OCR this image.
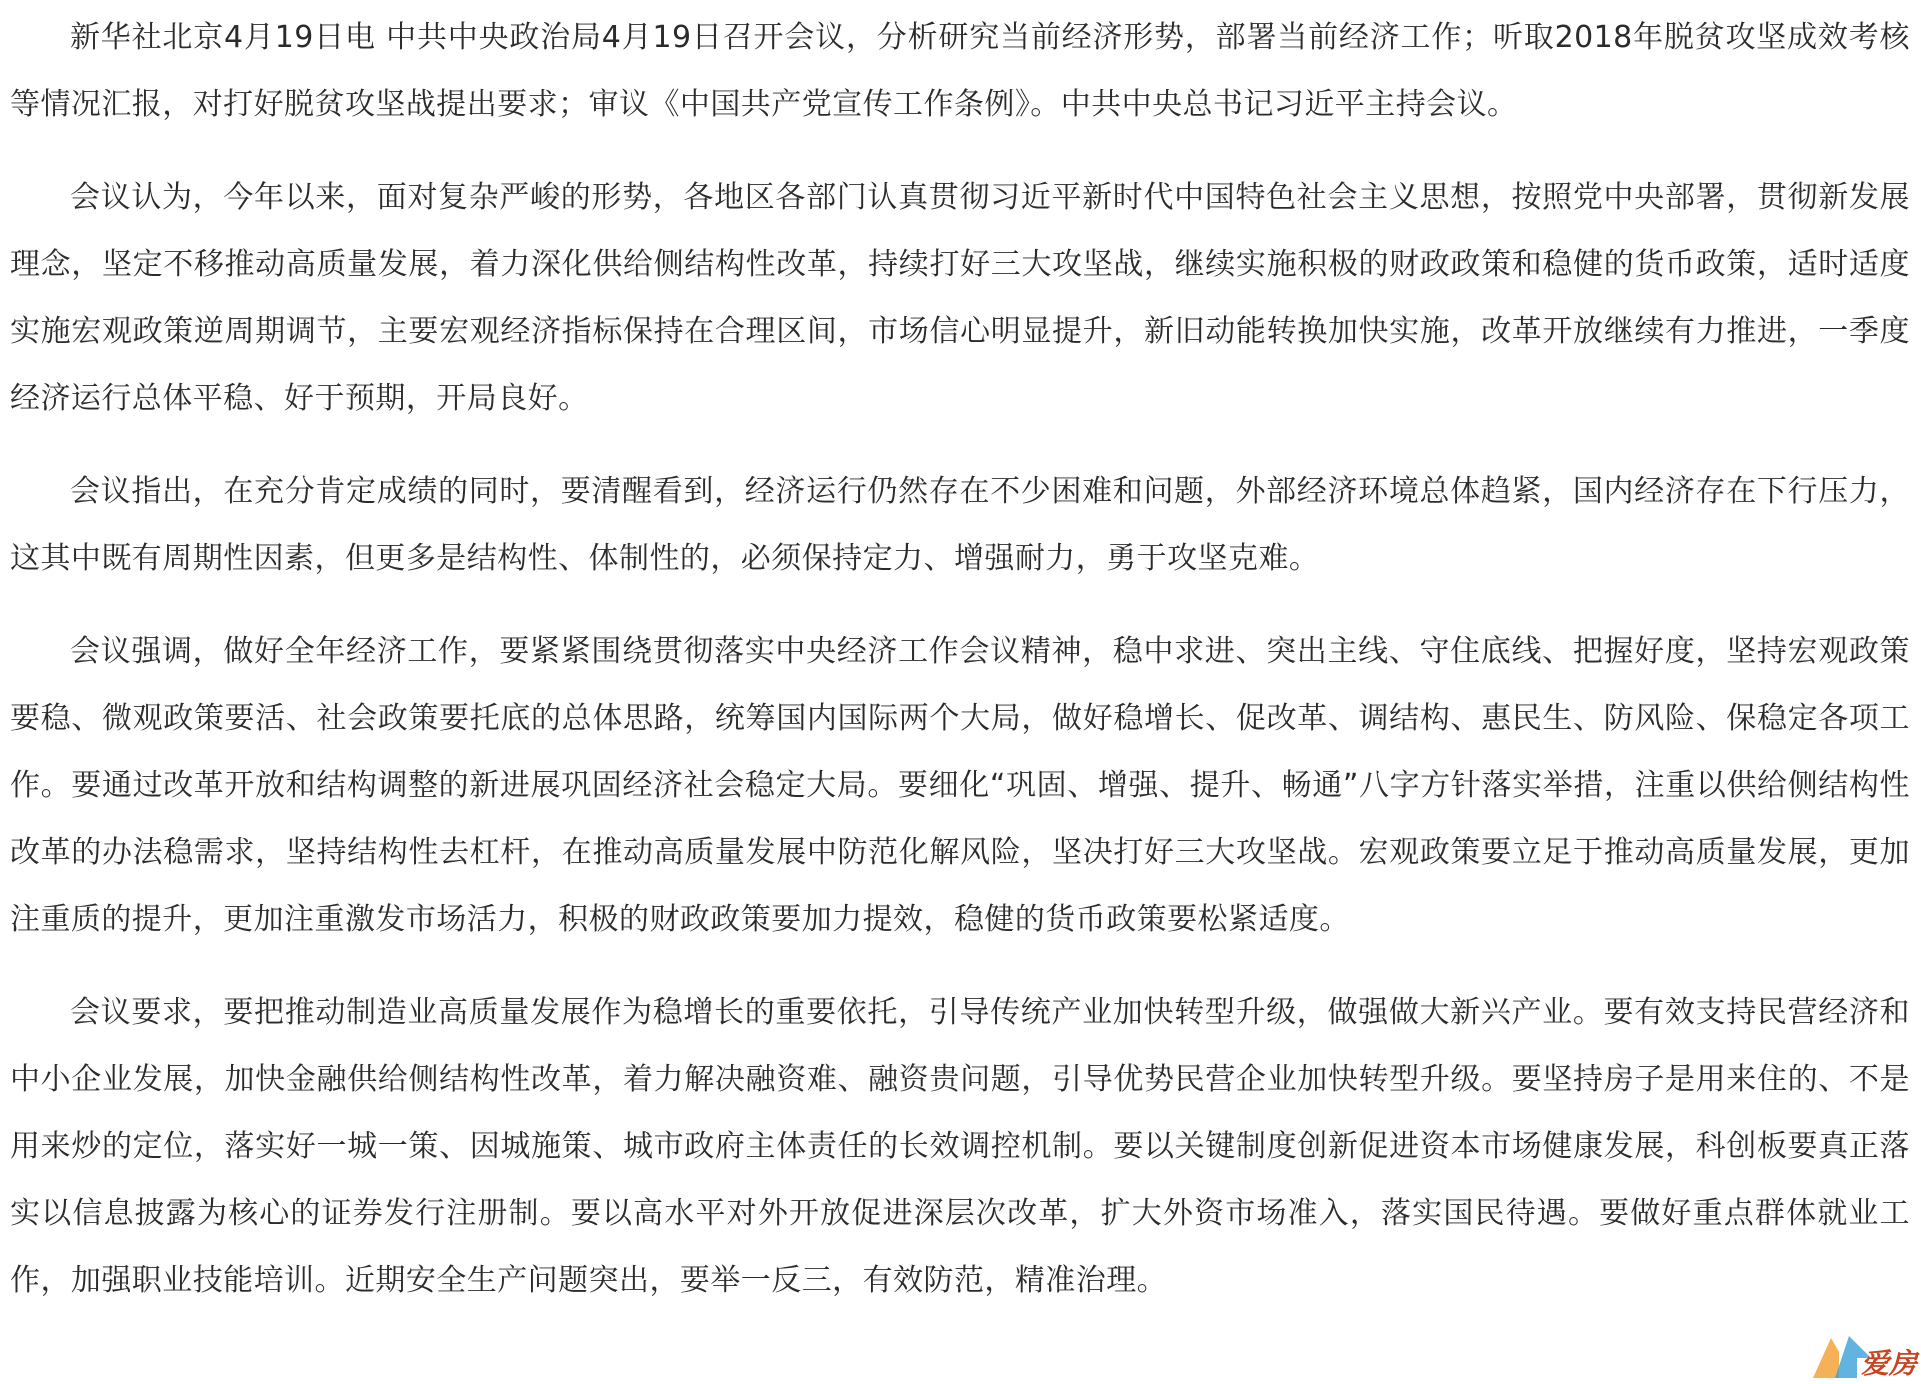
新华社北京4月19日电 中共中央政治局4月19日召开会议，分析研究当前经济形势，部署当前经济工作；听取2018年脱贫攻坚成效考核等情况汇报，对打好脱贫攻坚战提出要求；审议《中国共产党宣传工作条例》。中共中央总书记习近平主持会议。

会议认为，今年以来，面对复杂严峻的形势，各地区各部门认真贯彻习近平新时代中国特色社会主义思想，按照党中央部署，贯彻新发展理念，坚定不移推动高质量发展，着力深化供给侧结构性改革，持续打好三大攻坚战，继续实施积极的财政政策和稳健的货币政策，适时适度实施宏观政策逆周期调节，主要宏观经济指标保持在合理区间，市场信心明显提升，新旧动能转换加快实施，改革开放继续有力推进，一季度经济运行总体平稳、好于预期，开局良好。

会议指出，在充分肯定成绩的同时，要清醒看到，经济运行仍然存在不少困难和问题，外部经济环境总体趋紧，国内经济存在下行压力，这其中既有周期性因素，但更多是结构性、体制性的，必须保持定力、增强耐力，勇于攻坚克难。

会议强调，做好全年经济工作，要紧紧围绕贯彻落实中央经济工作会议精神，稳中求进、突出主线、守住底线、把握好度，坚持宏观政策要稳、微观政策要活、社会政策要托底的总体思路，统筹国内国际两个大局，做好稳增长、促改革、调结构、惠民生、防风险、保稳定各项工作。要通过改革开放和结构调整的新进展巩固经济社会稳定大局。要细化“巩固、增强、提升、畅通”八字方针落实举措，注重以供给侧结构性改革的办法稳需求，坚持结构性去杠杆，在推动高质量发展中防范化解风险，坚决打好三大攻坚战。宏观政策要立足于推动高质量发展，更加注重质的提升，更加注重激发市场活力，积极的财政政策要加力提效，稳健的货币政策要松紧适度。

会议要求，要把推动制造业高质量发展作为稳增长的重要依托，引导传统产业加快转型升级，做强做大新兴产业。要有效支持民营经济和中小企业发展，加快金融供给侧结构性改革，着力解决融资难、融资贵问题，引导优势民营企业加快转型升级。要坚持房子是用来住的、不是用来炒的定位，落实好一城一策、因城施策、城市政府主体责任的长效调控机制。要以关键制度创新促进资本市场健康发展，科创板要真正落实以信息披露为核心的证券发行注册制。要以高水平对外开放促进深层次改革，扩大外资市场准入，落实国民待遇。要做好重点群体就业工作，加强职业技能培训。近期安全生产问题突出，要举一反三，有效防范，精准治理。

爱房
